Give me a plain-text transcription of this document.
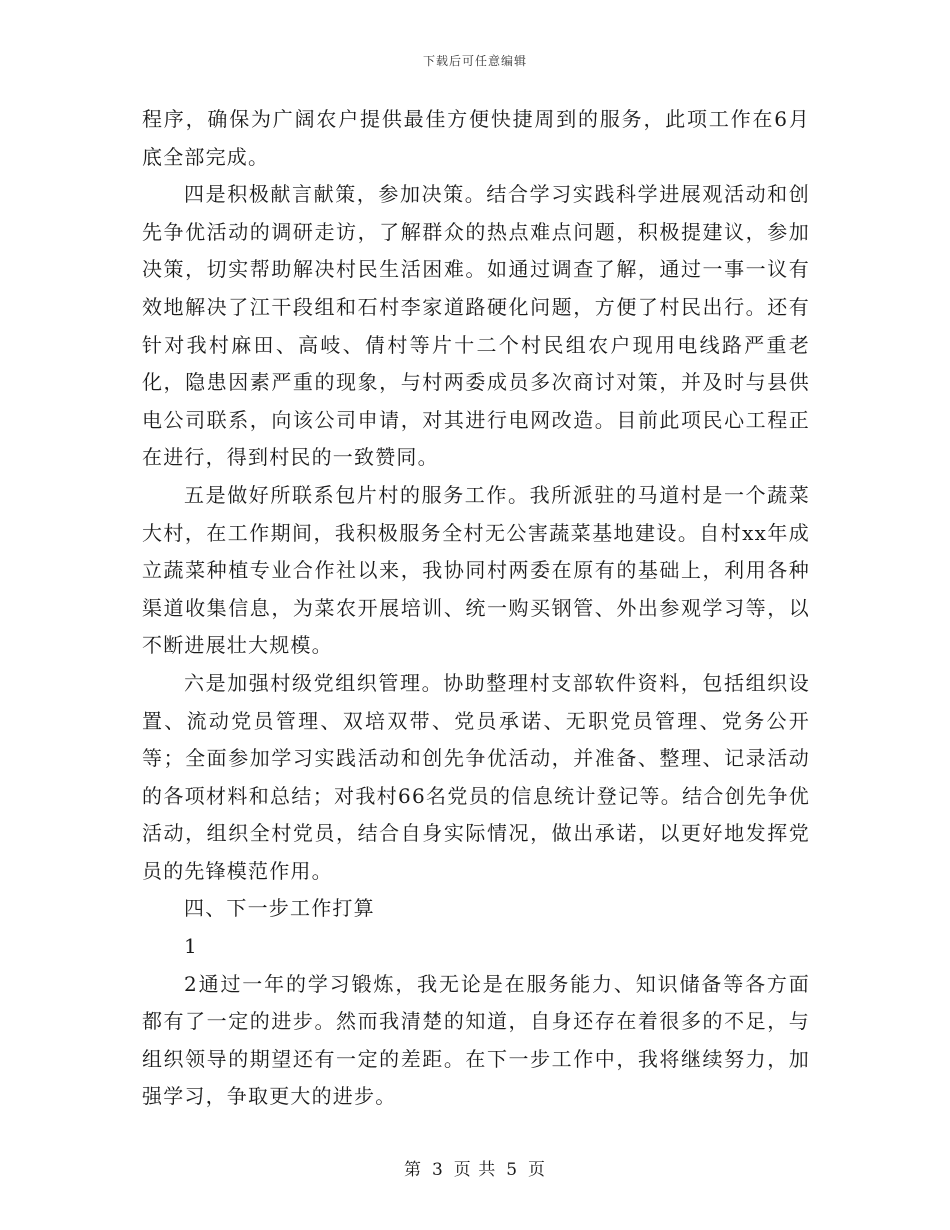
下载后可任意编辑

程序，确保为广阔农户提供最佳方便快捷周到的服务，此项工作在6月底全部完成。

四是积极献言献策，参加决策。结合学习实践科学进展观活动和创先争优活动的调研走访，了解群众的热点难点问题，积极提建议，参加决策，切实帮助解决村民生活困难。如通过调查了解，通过一事一议有效地解决了江干段组和石村李家道路硬化问题，方便了村民出行。还有针对我村麻田、高岐、倩村等片十二个村民组农户现用电线路严重老化，隐患因素严重的现象，与村两委成员多次商讨对策，并及时与县供电公司联系，向该公司申请，对其进行电网改造。目前此项民心工程正在进行，得到村民的一致赞同。

五是做好所联系包片村的服务工作。我所派驻的马道村是一个蔬菜大村，在工作期间，我积极服务全村无公害蔬菜基地建设。自村xx年成立蔬菜种植专业合作社以来，我协同村两委在原有的基础上，利用各种渠道收集信息，为菜农开展培训、统一购买钢管、外出参观学习等，以不断进展壮大规模。

六是加强村级党组织管理。协助整理村支部软件资料，包括组织设置、流动党员管理、双培双带、党员承诺、无职党员管理、党务公开等；全面参加学习实践活动和创先争优活动，并准备、整理、记录活动的各项材料和总结；对我村66名党员的信息统计登记等。结合创先争优活动，组织全村党员，结合自身实际情况，做出承诺，以更好地发挥党员的先锋模范作用。

四、下一步工作打算

1

2通过一年的学习锻炼，我无论是在服务能力、知识储备等各方面都有了一定的进步。然而我清楚的知道，自身还存在着很多的不足，与组织领导的期望还有一定的差距。在下一步工作中，我将继续努力，加强学习，争取更大的进步。

第 3 页 共 5 页
